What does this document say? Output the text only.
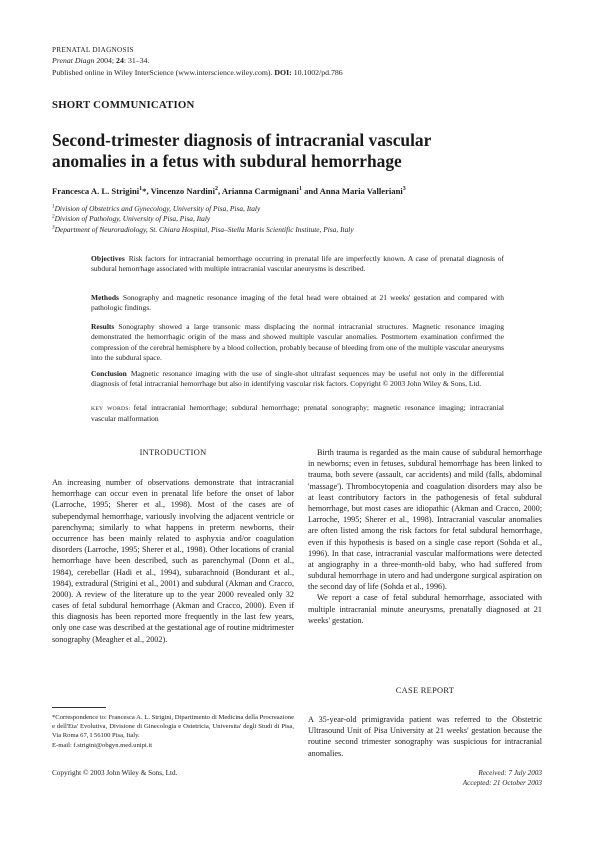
PRENATAL DIAGNOSIS
Prenat Diagn 2004; 24: 31–34.
Published online in Wiley InterScience (www.interscience.wiley.com). DOI: 10.1002/pd.786
SHORT COMMUNICATION
Second-trimester diagnosis of intracranial vascular
anomalies in a fetus with subdural hemorrhage
Francesca A. L. Strigini$^1$*, Vincenzo Nardini$^2$, Arianna Carmignani$^1$ and Anna Maria Valleriani$^3$
$^1$Division of Obstetrics and Gynecology, University of Pisa, Pisa, Italy
$^2$Division of Pathology, University of Pisa, Pisa, Italy
$^3$Department of Neuroradiology, St. Chiara Hospital, Pisa–Stella Maris Scientific Institute, Pisa, Italy
Objectives Risk factors for intracranial hemorrhage occurring in prenatal life are imperfectly known. A case of prenatal diagnosis of subdural hemorrhage associated with multiple intracranial vascular aneurysms is described.
Methods Sonography and magnetic resonance imaging of the fetal head were obtained at 21 weeks' gestation and compared with pathologic findings.
Results Sonography showed a large transonic mass displacing the normal intracranial structures. Magnetic resonance imaging demonstrated the hemorrhagic origin of the mass and showed multiple vascular anomalies. Postmortem examination confirmed the compression of the cerebral hemisphere by a blood collection, probably because of bleeding from one of the multiple vascular aneurysms into the subdural space.
Conclusion Magnetic resonance imaging with the use of single-shot ultrafast sequences may be useful not only in the differential diagnosis of fetal intracranial hemorrhage but also in identifying vascular risk factors. Copyright © 2003 John Wiley & Sons, Ltd.
KEY WORDS: fetal intracranial hemorrhage; subdural hemorrhage; prenatal sonography; magnetic resonance imaging; intracranial vascular malformation
INTRODUCTION

An increasing number of observations demonstrate that intracranial hemorrhage can occur even in prenatal life before the onset of labor (Larroche, 1995; Sherer et al., 1998). Most of the cases are of subependymal hemorrhage, variously involving the adjacent ventricle or parenchyma; similarly to what happens in preterm newborns, their occurrence has been mainly related to asphyxia and/or coagulation disorders (Larroche, 1995; Sherer et al., 1998). Other locations of cranial hemorrhage have been described, such as parenchymal (Donn et al., 1984), cerebellar (Hadi et al., 1994), subarachnoid (Bondurant et al., 1984), extradural (Strigini et al., 2001) and subdural (Akman and Cracco, 2000). A review of the literature up to the year 2000 revealed only 32 cases of fetal subdural hemorrhage (Akman and Cracco, 2000). Even if this diagnosis has been reported more frequently in the last few years, only one case was described at the gestational age of routine midtrimester sonography (Meagher et al., 2002).

*Correspondence to: Francesca A. L. Strigini, Dipartimento di Medicina della Procreazione e dell'Eta' Evolutiva, Divisione di Ginecologia e Ostetricia, Universita' degli Studi di Pisa, Via Roma 67, I 56100 Pisa, Italy.
E-mail: f.strigini@obgyn.med.unipi.it
Copyright © 2003 John Wiley & Sons, Ltd.

Birth trauma is regarded as the main cause of subdural hemorrhage in newborns; even in fetuses, subdural hemorrhage has been linked to trauma, both severe (assault, car accidents) and mild (falls, abdominal 'massage'). Thrombocytopenia and coagulation disorders may also be at least contributory factors in the pathogenesis of fetal subdural hemorrhage, but most cases are idiopathic (Akman and Cracco, 2000; Larroche, 1995; Sherer et al., 1998). Intracranial vascular anomalies are often listed among the risk factors for fetal subdural hemorrhage, even if this hypothesis is based on a single case report (Sohda et al., 1996). In that case, intracranial vascular malformations were detected at angiography in a three-month-old baby, who had suffered from subdural hemorrhage in utero and had undergone surgical aspiration on the second day of life (Sohda et al., 1996).

We report a case of fetal subdural hemorrhage, associated with multiple intracranial minute aneurysms, prenatally diagnosed at 21 weeks' gestation.

CASE REPORT

A 35-year-old primigravida patient was referred to the Obstetric Ultrasound Unit of Pisa University at 21 weeks' gestation because the routine second trimester sonography was suspicious for intracranial anomalies.

Received: 7 July 2003
Accepted: 21 October 2003
